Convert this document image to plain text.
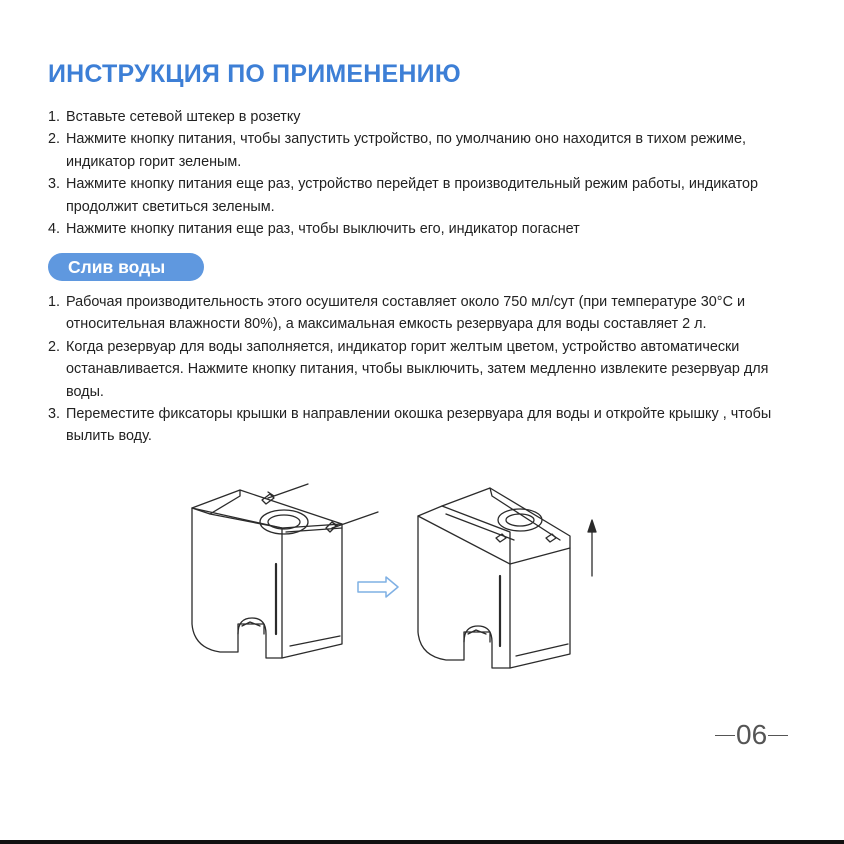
ИНСТРУКЦИЯ ПО ПРИМЕНЕНИЮ
1. Вставьте сетевой штекер в розетку
2. Нажмите кнопку питания, чтобы запустить устройство, по умолчанию оно находится в тихом режиме, индикатор горит зеленым.
3. Нажмите кнопку питания еще раз, устройство перейдет в производительный режим работы, индикатор продолжит светиться зеленым.
4. Нажмите кнопку питания еще раз, чтобы выключить его, индикатор погаснет
Слив воды
1. Рабочая производительность этого осушителя составляет около 750 мл/сут (при температуре 30°С и относительная влажности 80%), а максимальная емкость резервуара для воды составляет 2 л.
2. Когда резервуар для воды заполняется, индикатор горит желтым цветом, устройство автоматически останавливается. Нажмите кнопку питания, чтобы выключить, затем медленно извлеките резервуар для воды.
3. Переместите фиксаторы крышки в направлении окошка резервуара для воды и откройте крышку , чтобы вылить воду.
06
